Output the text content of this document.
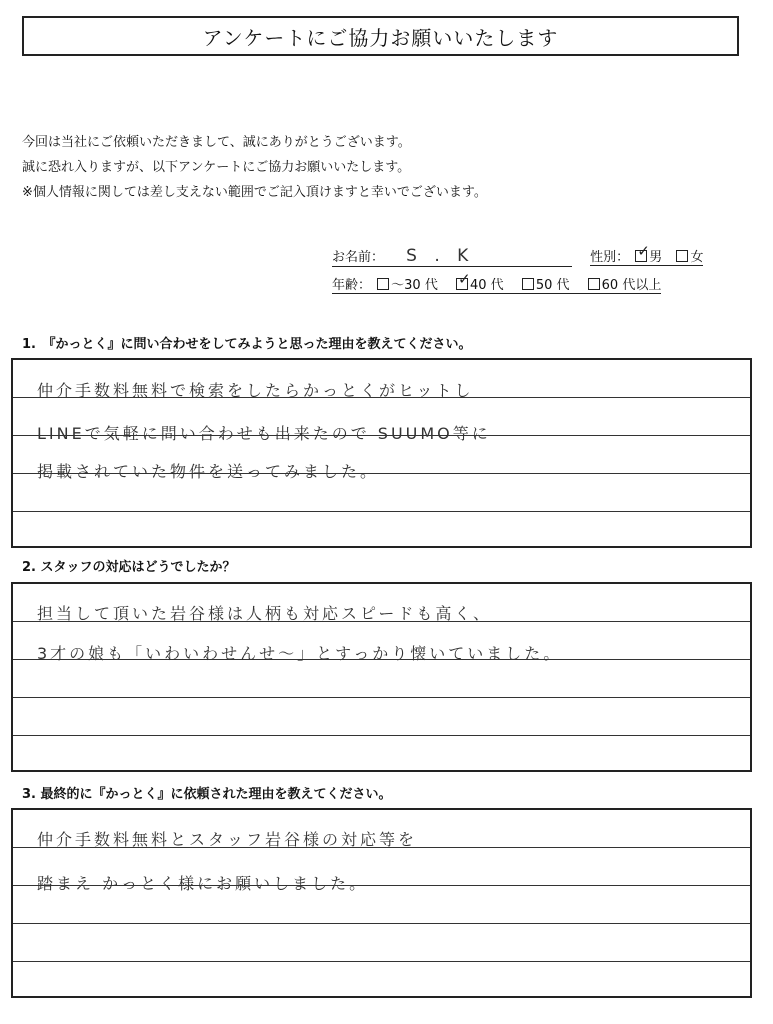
アンケートにご協力お願いいたします
今回は当社にご依頼いただきまして、誠にありがとうございます。
誠に恐れ入りますが、以下アンケートにご協力お願いいたします。
※個人情報に関しては差し支えない範囲でご記入頂けますと幸いでございます。
お名前： S . K	性別： ✓ 男 女
年齢： ～30 代 ✓ 40 代 50 代 60 代以上
1.　『かっとく』に問い合わせをしてみようと思った理由を教えてください。
仲介手数料無料で検索をしたらかっとくがヒットし
LINEで気軽に問い合わせも出来たので SUUMO等に
掲載されていた物件を送ってみました。
2. スタッフの対応はどうでしたか？
担当して頂いた岩谷様は人柄も対応スピードも高く、
3才の娘も「いわいわせんせ～」とすっかり懐いていました。
3. 最終的に『かっとく』に依頼された理由を教えてください。
仲介手数料無料とスタッフ岩谷様の対応等を
踏まえ かっとく様にお願いしました。
